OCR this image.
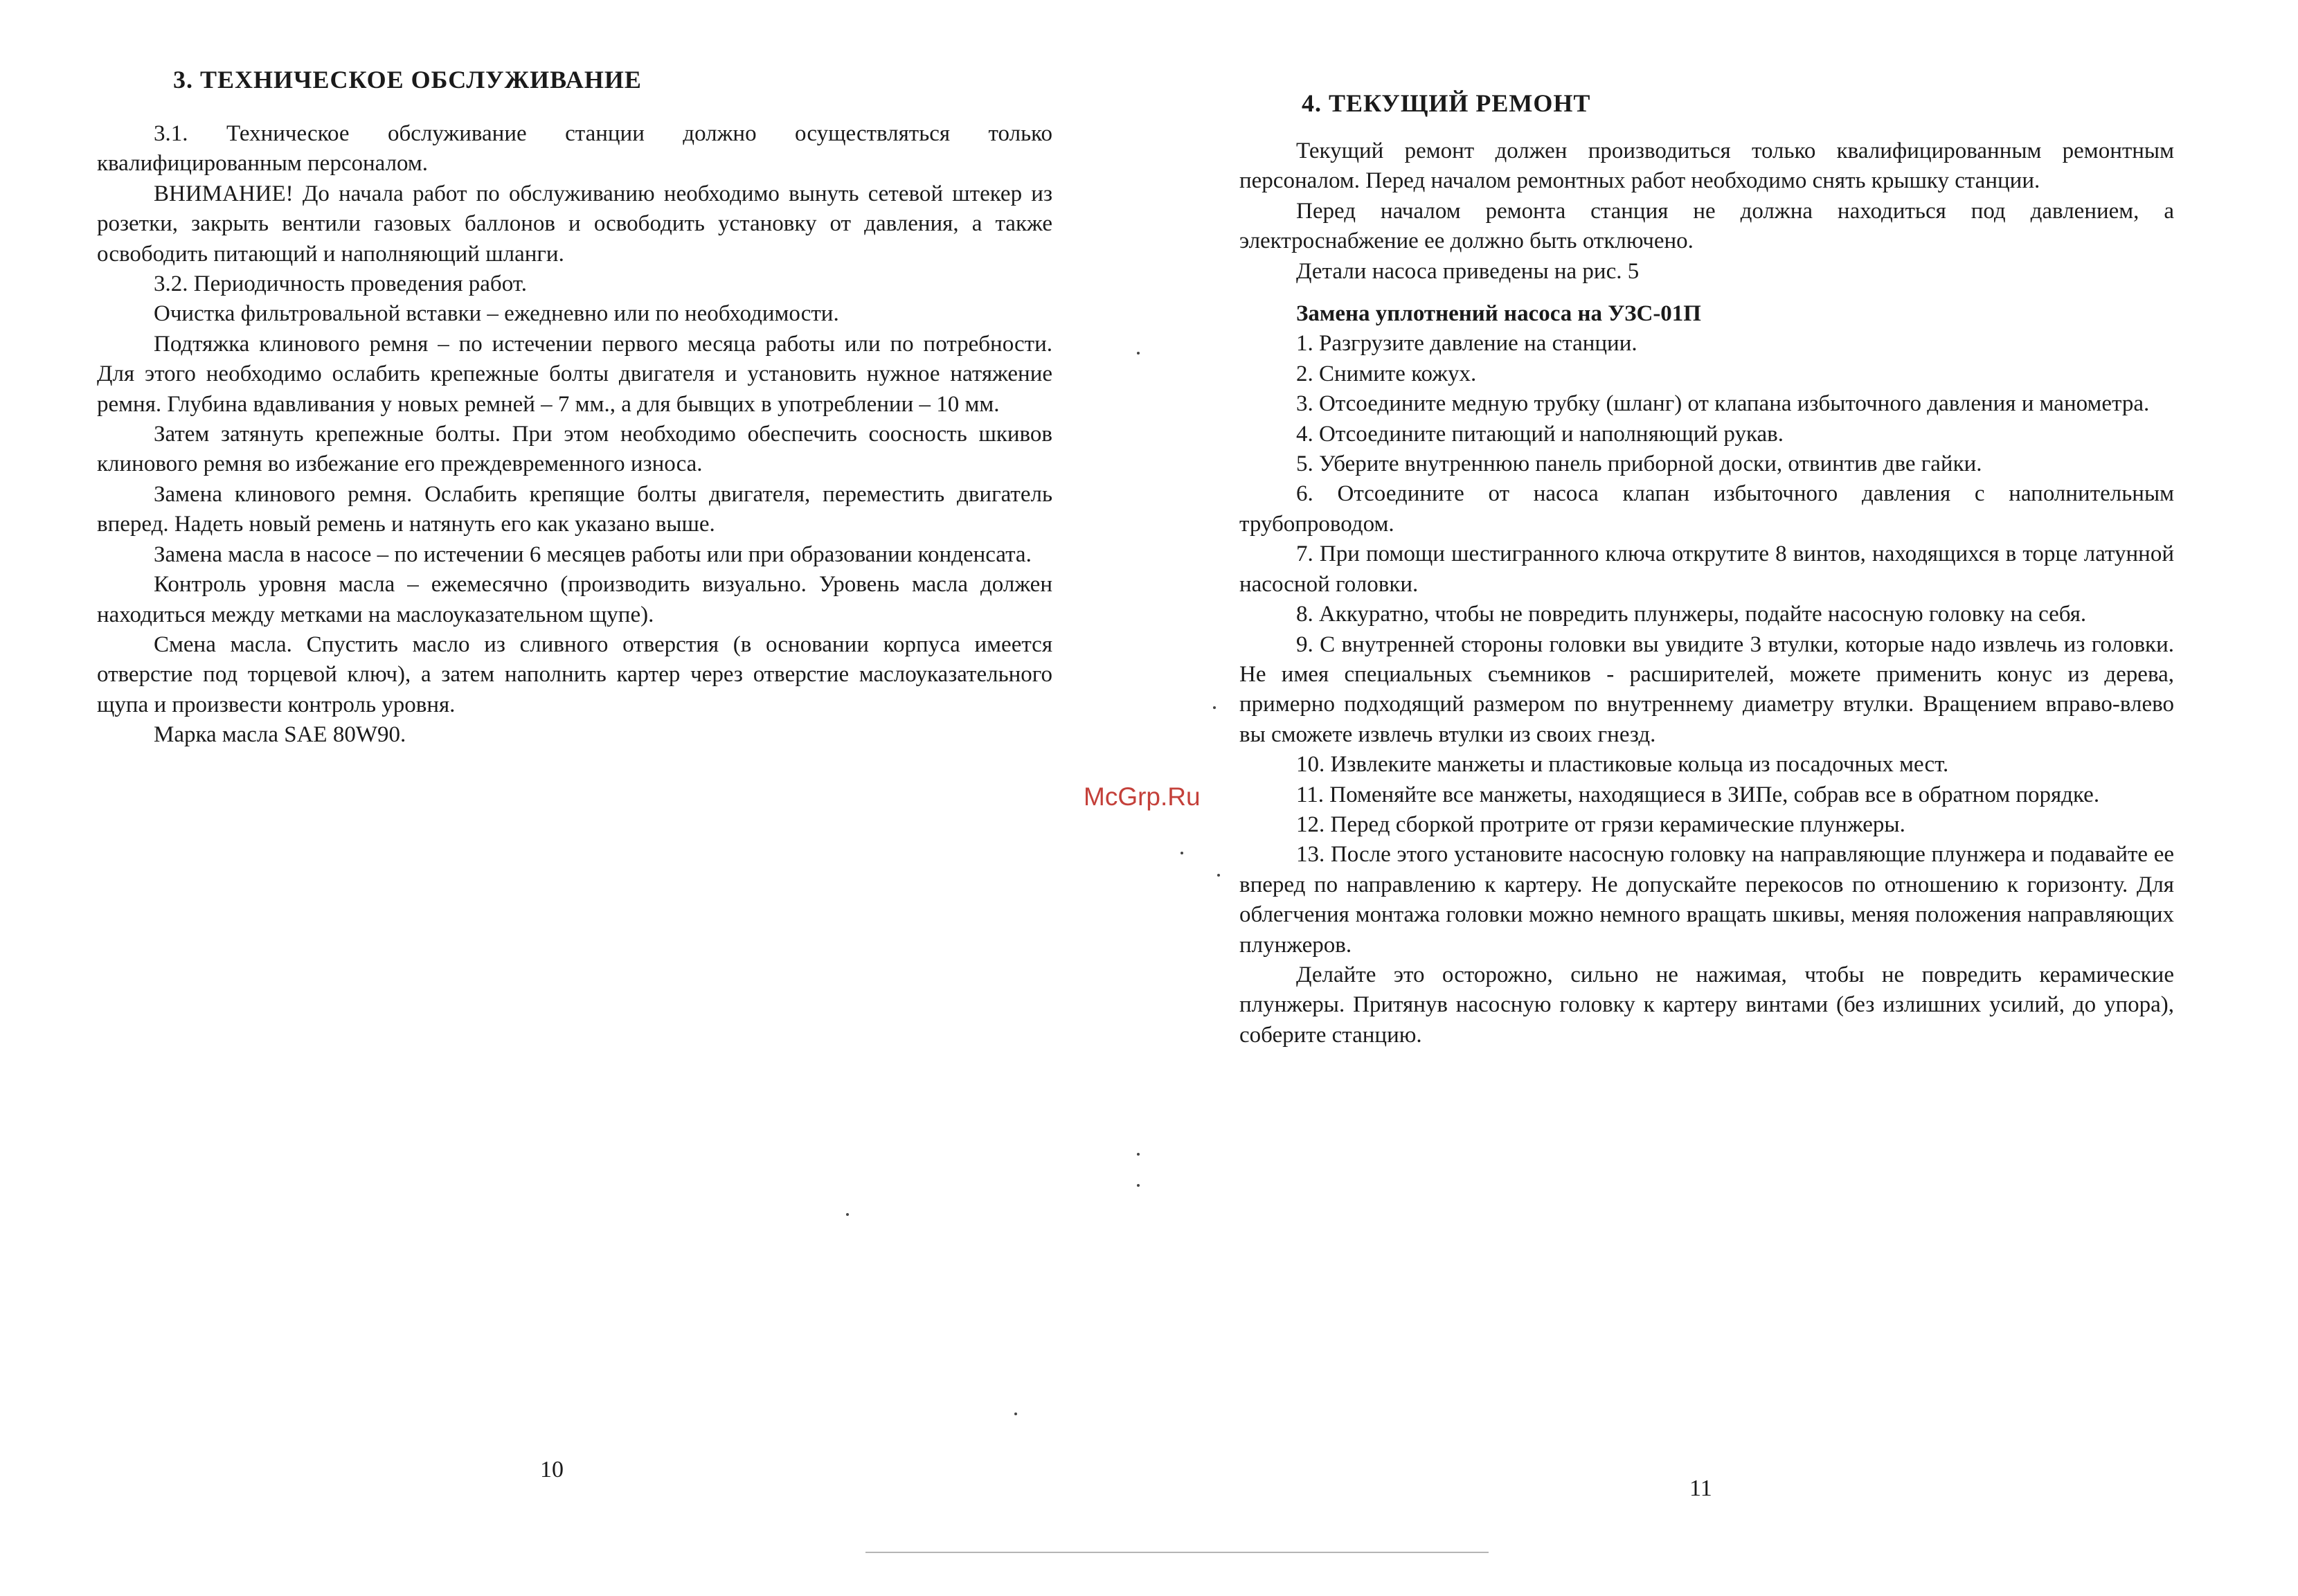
3. ТЕХНИЧЕСКОЕ ОБСЛУЖИВАНИЕ

3.1. Техническое обслуживание станции должно осуществляться только квалифицированным персоналом.

ВНИМАНИЕ! До начала работ по обслуживанию необходимо вынуть сетевой штекер из розетки, закрыть вентили газовых баллонов и освободить установку от давления, а также освободить питающий и наполняющий шланги.

3.2. Периодичность проведения работ.

Очистка фильтровальной вставки – ежедневно или по необходимости.

Подтяжка клинового ремня – по истечении первого месяца работы или по потребности. Для этого необходимо ослабить крепежные болты двигателя и установить нужное натяжение ремня. Глубина вдавливания у новых ремней – 7 мм., а для бывщих в употреблении – 10 мм.

Затем затянуть крепежные болты. При этом необходимо обеспечить соосность шкивов клинового ремня во избежание его преждевременного износа.

Замена клинового ремня. Ослабить крепящие болты двигателя, переместить двигатель вперед. Надеть новый ремень и натянуть его как указано выше.

Замена масла в насосе – по истечении 6 месяцев работы или при образовании конденсата.

Контроль уровня масла – ежемесячно (производить визуально. Уровень масла должен находиться между метками на маслоуказательном щупе).

Смена масла. Спустить масло из сливного отверстия (в основании корпуса имеется отверстие под торцевой ключ), а затем наполнить картер через отверстие маслоуказательного щупа и произвести контроль уровня.

Марка масла SAE 80W90.

10
McGrp.Ru
4. ТЕКУЩИЙ РЕМОНТ

Текущий ремонт должен производиться только квалифицированным ремонтным персоналом. Перед началом ремонтных работ необходимо снять крышку станции.

Перед началом ремонта станция не должна находиться под давлением, а электроснабжение ее должно быть отключено.

Детали насоса приведены на рис. 5

Замена уплотнений насоса на УЗС-01П

1. Разгрузите давление на станции.

2. Снимите кожух.

3. Отсоедините медную трубку (шланг) от клапана избыточного давления и манометра.

4. Отсоедините питающий и наполняющий рукав.

5. Уберите внутреннюю панель приборной доски, отвинтив две гайки.

6. Отсоедините от насоса клапан избыточного давления с наполнительным трубопроводом.

7. При помощи шестигранного ключа открутите 8 винтов, находящихся в торце латунной насосной головки.

8. Аккуратно, чтобы не повредить плунжеры, подайте насосную головку на себя.

9. С внутренней стороны головки вы увидите 3 втулки, которые надо извлечь из головки. Не имея специальных съемников - расширителей, можете применить конус из дерева, примерно подходящий размером по внутреннему диаметру втулки. Вращением вправо-влево вы сможете извлечь втулки из своих гнезд.

10. Извлеките манжеты и пластиковые кольца из посадочных мест.

11. Поменяйте все манжеты, находящиеся в ЗИПе, собрав все в обратном порядке.

12. Перед сборкой протрите от грязи керамические плунжеры.

13. После этого установите насосную головку на направляющие плунжера и подавайте ее вперед по направлению к картеру. Не допускайте перекосов по отношению к горизонту. Для облегчения монтажа головки можно немного вращать шкивы, меняя положения направляющих плунжеров.

Делайте это осторожно, сильно не нажимая, чтобы не повредить керамические плунжеры. Притянув насосную головку к картеру винтами (без излишних усилий, до упора), соберите станцию.

11
